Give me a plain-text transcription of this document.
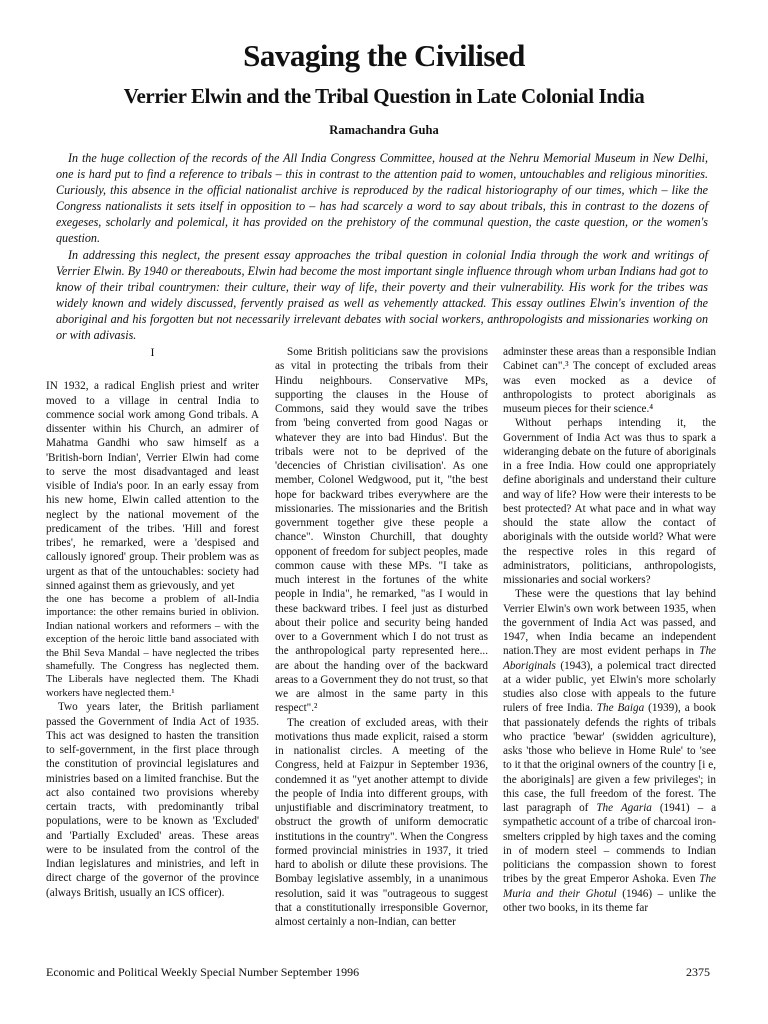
Savaging the Civilised
Verrier Elwin and the Tribal Question in Late Colonial India
Ramachandra Guha

In the huge collection of the records of the All India Congress Committee, housed at the Nehru Memorial Museum in New Delhi, one is hard put to find a reference to tribals – this in contrast to the attention paid to women, untouchables and religious minorities. Curiously, this absence in the official nationalist archive is reproduced by the radical historiography of our times, which – like the Congress nationalists it sets itself in opposition to – has had scarcely a word to say about tribals, this in contrast to the dozens of exegeses, scholarly and polemical, it has provided on the prehistory of the communal question, the caste question, or the women's question.

In addressing this neglect, the present essay approaches the tribal question in colonial India through the work and writings of Verrier Elwin. By 1940 or thereabouts, Elwin had become the most important single influence through whom urban Indians had got to know of their tribal countrymen: their culture, their way of life, their poverty and their vulnerability. His work for the tribes was widely known and widely discussed, fervently praised as well as vehemently attacked. This essay outlines Elwin's invention of the aboriginal and his forgotten but not necessarily irrelevant debates with social workers, anthropologists and missionaries working on or with adivasis.

I

IN 1932, a radical English priest and writer moved to a village in central India to commence social work among Gond tribals. A dissenter within his Church, an admirer of Mahatma Gandhi who saw himself as a 'British-born Indian', Verrier Elwin had come to serve the most disadvantaged and least visible of India's poor. In an early essay from his new home, Elwin called attention to the neglect by the national movement of the predicament of the tribes. 'Hill and forest tribes', he remarked, were a 'despised and callously ignored' group. Their problem was as urgent as that of the untouchables: society had sinned against them as grievously, and yet

the one has become a problem of all-India importance: the other remains buried in oblivion. Indian national workers and reformers – with the exception of the heroic little band associated with the Bhil Seva Mandal – have neglected the tribes shamefully. The Congress has neglected them. The Liberals have neglected them. The Khadi workers have neglected them.¹

Two years later, the British parliament passed the Government of India Act of 1935. This act was designed to hasten the transition to self-government, in the first place through the constitution of provincial legislatures and ministries based on a limited franchise. But the act also contained two provisions whereby certain tracts, with predominantly tribal populations, were to be known as 'Excluded' and 'Partially Excluded' areas. These areas were to be insulated from the control of the Indian legislatures and ministries, and left in direct charge of the governor of the province (always British, usually an ICS officer).

Some British politicians saw the provisions as vital in protecting the tribals from their Hindu neighbours. Conservative MPs, supporting the clauses in the House of Commons, said they would save the tribes from 'being converted from good Nagas or whatever they are into bad Hindus'. But the tribals were not to be deprived of the 'decencies of Christian civilisation'. As one member, Colonel Wedgwood, put it, "the best hope for backward tribes everywhere are the missionaries. The missionaries and the British government together give these people a chance". Winston Churchill, that doughty opponent of freedom for subject peoples, made common cause with these MPs. "I take as much interest in the fortunes of the white people in India", he remarked, "as I would in these backward tribes. I feel just as disturbed about their police and security being handed over to a Government which I do not trust as the anthropological party represented here... are about the handing over of the backward areas to a Government they do not trust, so that we are almost in the same party in this respect".²

The creation of excluded areas, with their motivations thus made explicit, raised a storm in nationalist circles. A meeting of the Congress, held at Faizpur in September 1936, condemned it as "yet another attempt to divide the people of India into different groups, with unjustifiable and discriminatory treatment, to obstruct the growth of uniform democratic institutions in the country". When the Congress formed provincial ministries in 1937, it tried hard to abolish or dilute these provisions. The Bombay legislative assembly, in a unanimous resolution, said it was "outrageous to suggest that a constitutionally irresponsible Governor, almost certainly a non-Indian, can better

adminster these areas than a responsible Indian Cabinet can".³ The concept of excluded areas was even mocked as a device of anthropologists to protect aboriginals as museum pieces for their science.⁴

Without perhaps intending it, the Government of India Act was thus to spark a wideranging debate on the future of aboriginals in a free India. How could one appropriately define aboriginals and understand their culture and way of life? How were their interests to be best protected? At what pace and in what way should the state allow the contact of aboriginals with the outside world? What were the respective roles in this regard of administrators, politicians, anthropologists, missionaries and social workers?

These were the questions that lay behind Verrier Elwin's own work between 1935, when the government of India Act was passed, and 1947, when India became an independent nation.They are most evident perhaps in The Aboriginals (1943), a polemical tract directed at a wider public, yet Elwin's more scholarly studies also close with appeals to the future rulers of free India. The Baiga (1939), a book that passionately defends the rights of tribals who practice 'bewar' (swidden agriculture), asks 'those who believe in Home Rule' to 'see to it that the original owners of the country [i e, the aboriginals] are given a few privileges'; in this case, the full freedom of the forest. The last paragraph of The Agaria (1941) – a sympathetic account of a tribe of charcoal iron-smelters crippled by high taxes and the coming in of modern steel – commends to Indian politicians the compassion shown to forest tribes by the great Emperor Ashoka. Even The Muria and their Ghotul (1946) – unlike the other two books, in its theme far

Economic and Political Weekly Special Number September 1996	2375
